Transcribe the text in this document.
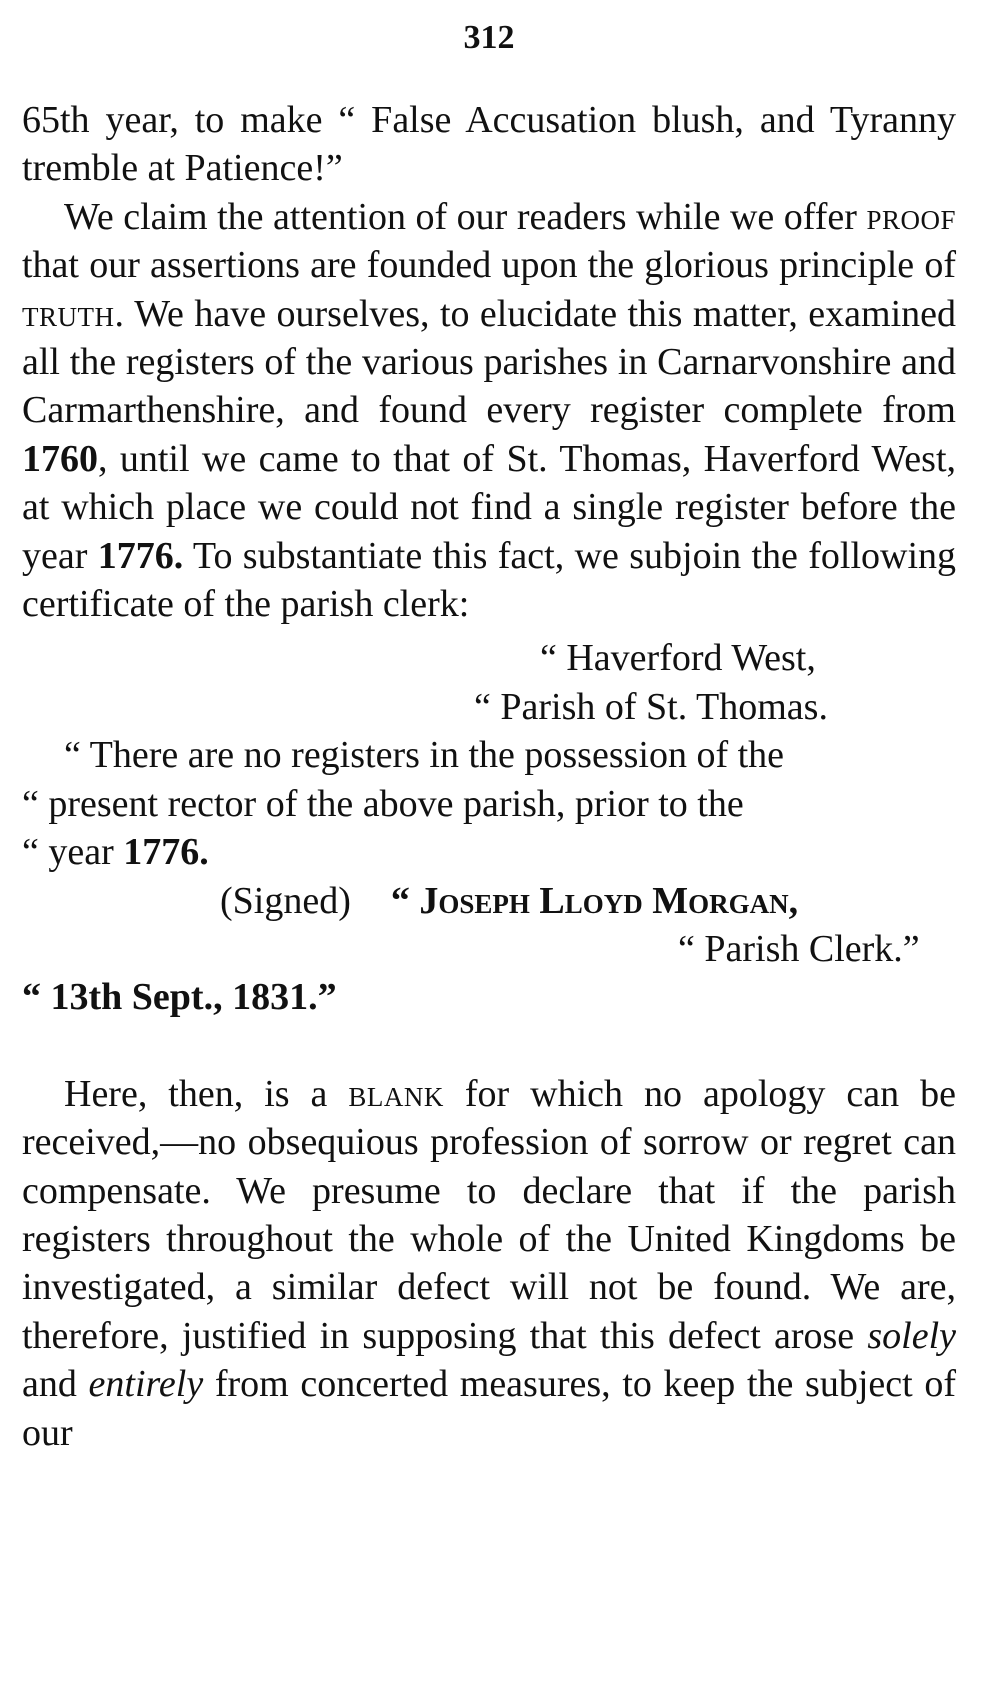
312

65th year, to make “ False Accusation blush, and Tyranny tremble at Patience!”

We claim the attention of our readers while we offer proof that our assertions are founded upon the glorious principle of truth. We have ourselves, to elucidate this matter, examined all the registers of the various parishes in Carnarvonshire and Carmarthenshire, and found every register complete from 1760, until we came to that of St. Thomas, Haverford West, at which place we could not find a single register before the year 1776. To substantiate this fact, we subjoin the following certificate of the parish clerk:

“ Haverford West,
“ Parish of St. Thomas.
“ There are no registers in the possession of the
“ present rector of the above parish, prior to the
“ year 1776.
(Signed) “ Joseph Lloyd Morgan,
“ Parish Clerk.”
“ 13th Sept., 1831.”

Here, then, is a blank for which no apology can be received,—no obsequious profession of sorrow or regret can compensate. We presume to declare that if the parish registers throughout the whole of the United Kingdoms be investigated, a similar defect will not be found. We are, therefore, justified in supposing that this defect arose solely and entirely from concerted measures, to keep the subject of our
